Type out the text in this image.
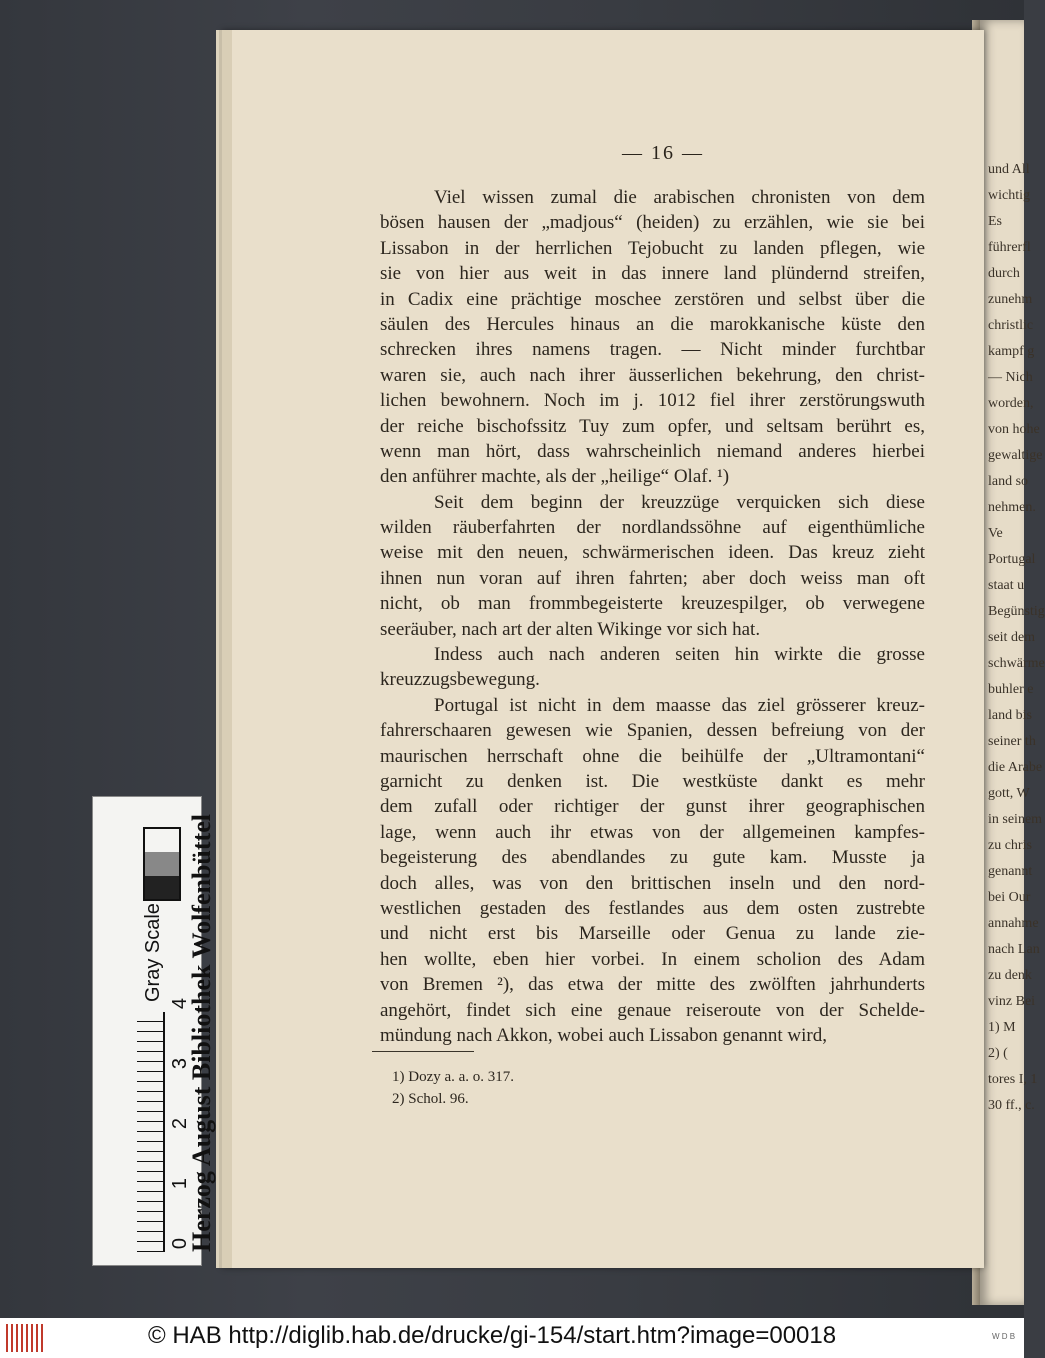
und All
wichtig
Es
führerfl
durch
zunehm
christlic
kampf g
— Nich
worden,
von hohe
gewaltige
land so
nehmen.
Ve
Portugal
staat u
Begünstig
seit dem
schwärme
buhler e
land bis
seiner th
die Arabe
gott, W
in seinem
zu chris
genannt
bei Our
annahme
nach Lan
zu denk
vinz Bei
1) M
2) (
tores I, 1
30 ff., c.
— 16 —
Viel wissen zumal die arabischen chronisten von dem
bösen hausen der „madjous“ (heiden) zu erzählen, wie sie bei
Lissabon in der herrlichen Tejobucht zu landen pflegen, wie
sie von hier aus weit in das innere land plündernd streifen,
in Cadix eine prächtige moschee zerstören und selbst über die
säulen des Hercules hinaus an die marokkanische küste den
schrecken ihres namens tragen. — Nicht minder furchtbar
waren sie, auch nach ihrer äusserlichen bekehrung, den christ-
lichen bewohnern. Noch im j. 1012 fiel ihrer zerstörungswuth
der reiche bischofssitz Tuy zum opfer, und seltsam berührt es,
wenn man hört, dass wahrscheinlich niemand anderes hierbei
den anführer machte, als der „heilige“ Olaf. ¹)
Seit dem beginn der kreuzzüge verquicken sich diese
wilden räuberfahrten der nordlandssöhne auf eigenthümliche
weise mit den neuen, schwärmerischen ideen. Das kreuz zieht
ihnen nun voran auf ihren fahrten; aber doch weiss man oft
nicht, ob man frommbegeisterte kreuzespilger, ob verwegene
seeräuber, nach art der alten Wikinge vor sich hat.
Indess auch nach anderen seiten hin wirkte die grosse
kreuzzugsbewegung.
Portugal ist nicht in dem maasse das ziel grösserer kreuz-
fahrerschaaren gewesen wie Spanien, dessen befreiung von der
maurischen herrschaft ohne die beihülfe der „Ultramontani“
garnicht zu denken ist. Die westküste dankt es mehr
dem zufall oder richtiger der gunst ihrer geographischen
lage, wenn auch ihr etwas von der allgemeinen kampfes-
begeisterung des abendlandes zu gute kam. Musste ja
doch alles, was von den brittischen inseln und den nord-
westlichen gestaden des festlandes aus dem osten zustrebte
und nicht erst bis Marseille oder Genua zu lande zie-
hen wollte, eben hier vorbei. In einem scholion des Adam
von Bremen ²), das etwa der mitte des zwölften jahrhunderts
angehört, findet sich eine genaue reiseroute von der Schelde-
mündung nach Akkon, wobei auch Lissabon genannt wird,
1) Dozy a. a. o. 317.
2) Schol. 96.
Herzog August Bibliothek Wolfenbüttel
Gray Scale
0
1
2
3
4
© HAB http://diglib.hab.de/drucke/gi-154/start.htm?image=00018	W D B
